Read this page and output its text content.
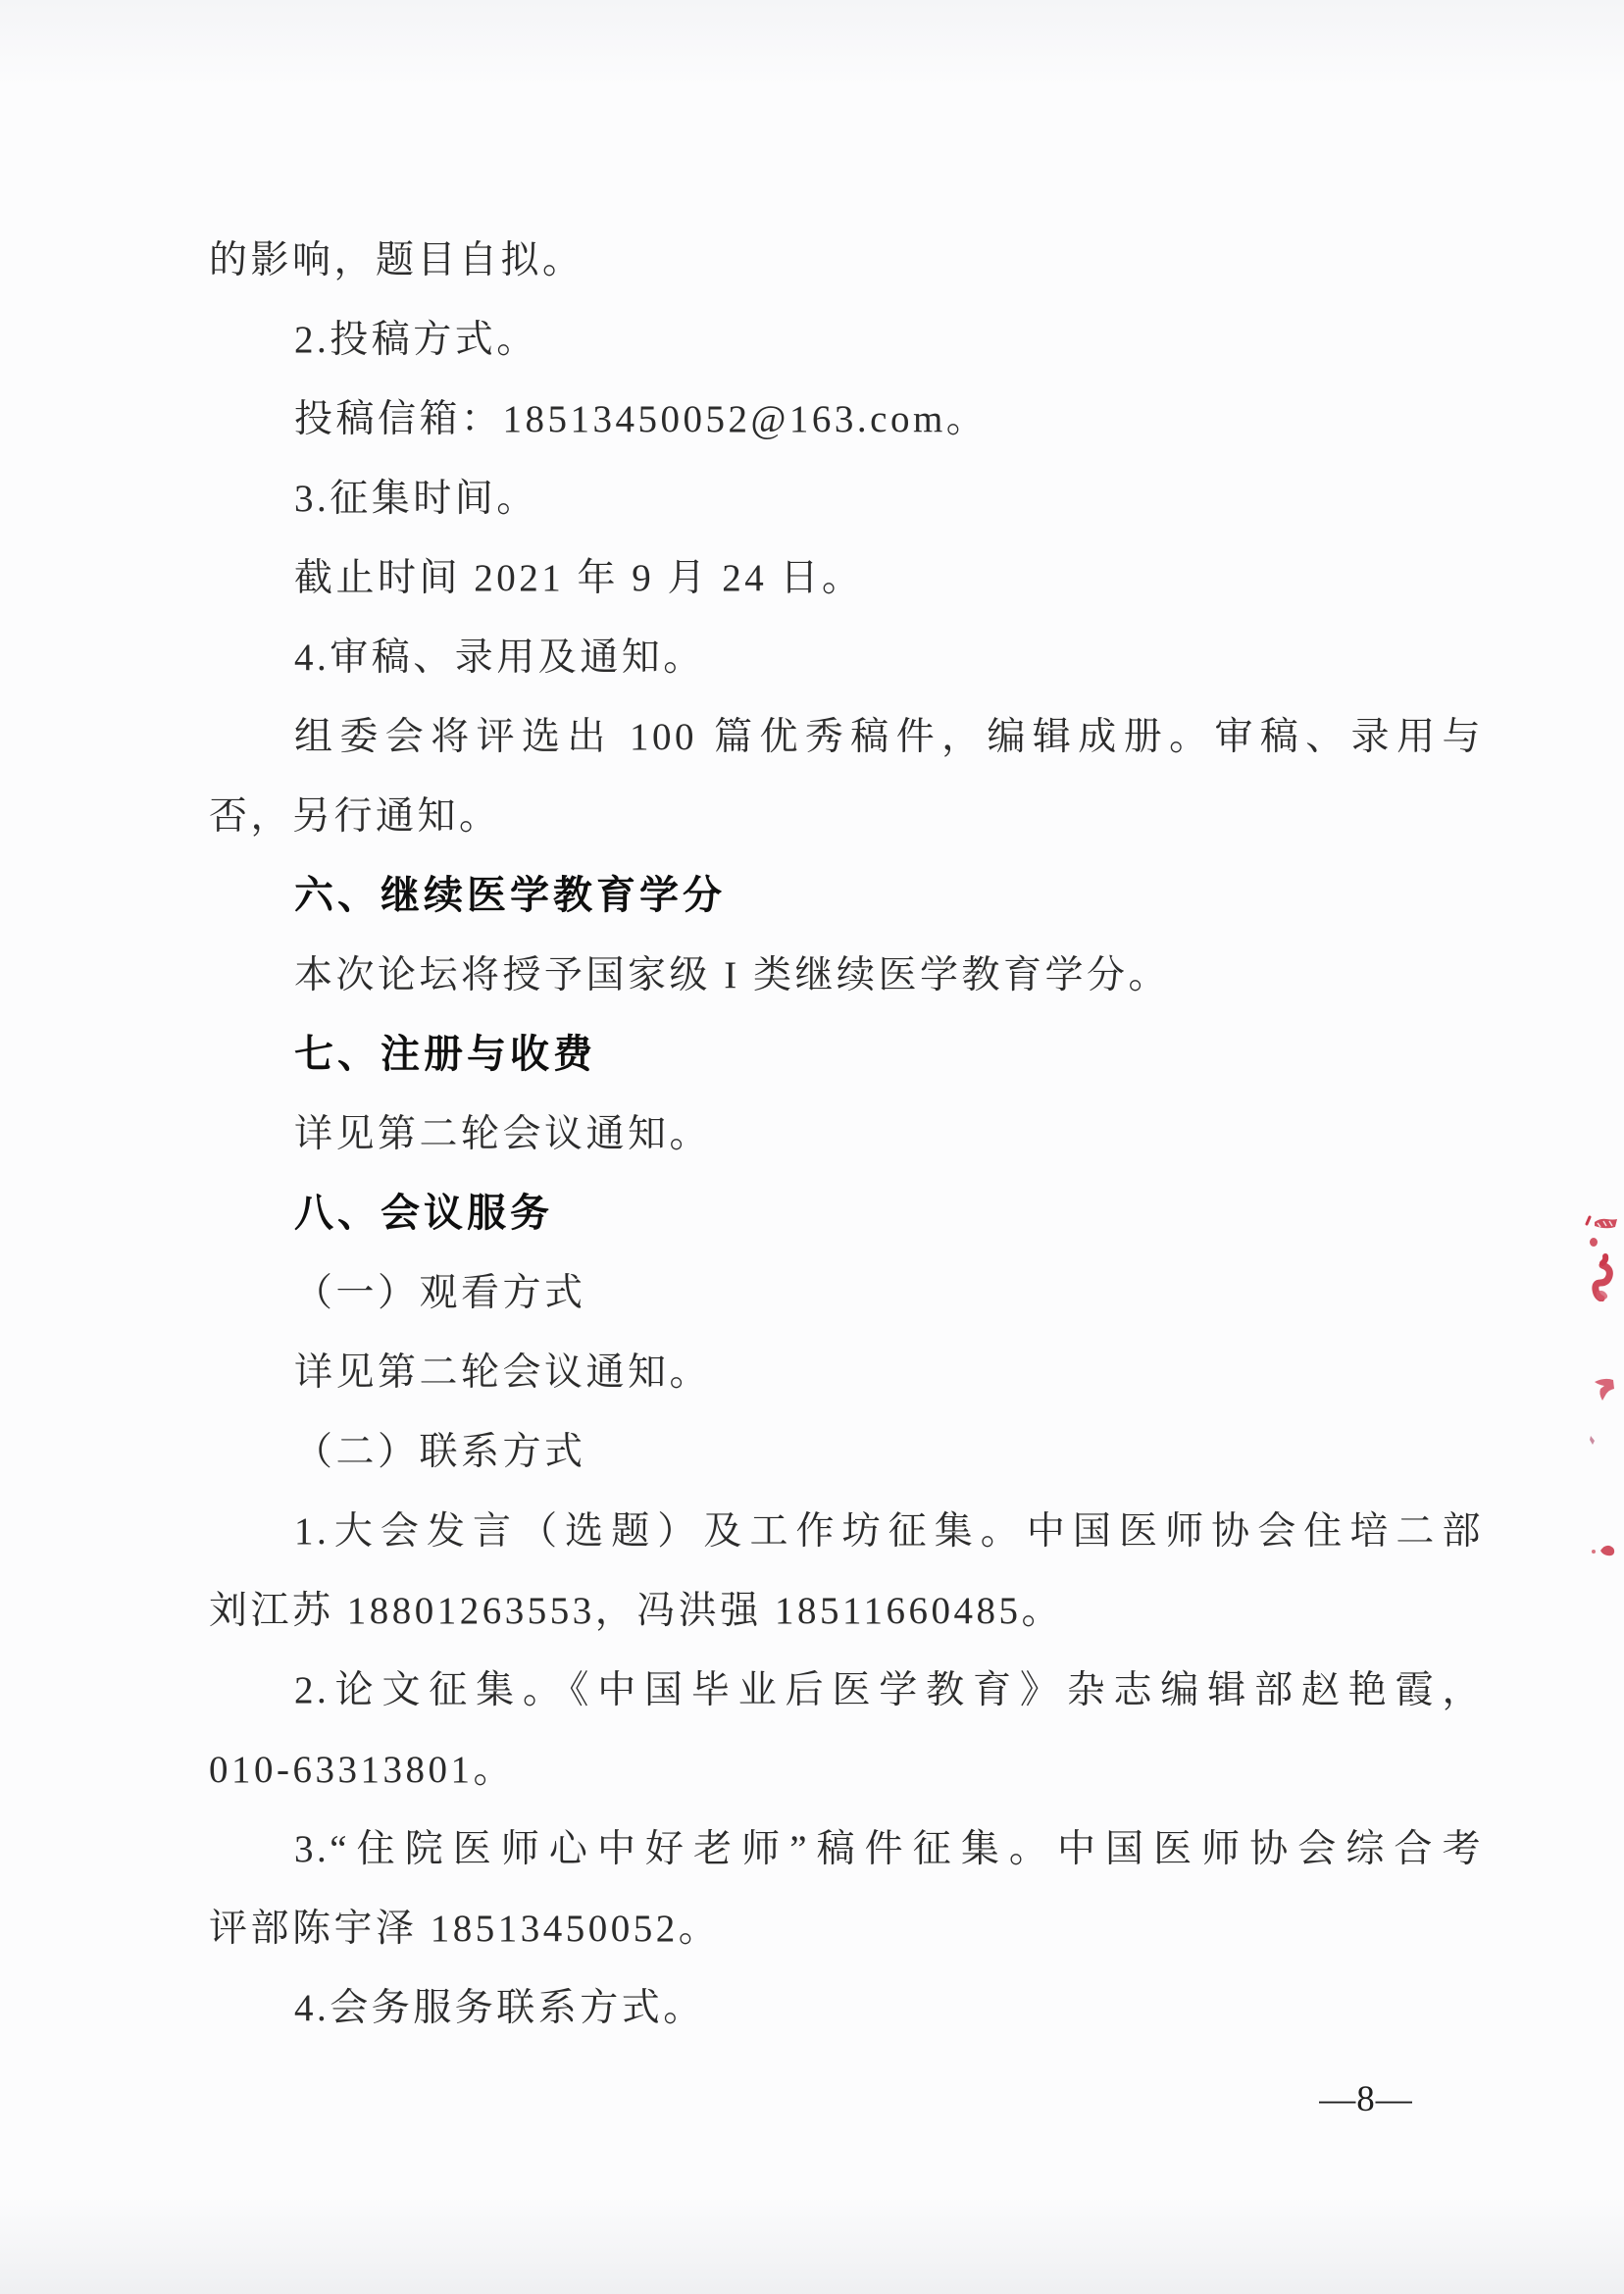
的影响，题目自拟。
2.投稿方式。
投稿信箱：18513450052@163.com。
3.征集时间。
截止时间 2021 年 9 月 24 日。
4.审稿、录用及通知。
组委会将评选出 100 篇优秀稿件，编辑成册。审稿、录用与
否，另行通知。
六、继续医学教育学分
本次论坛将授予国家级 I 类继续医学教育学分。
七、注册与收费
详见第二轮会议通知。
八、会议服务
（一）观看方式
详见第二轮会议通知。
（二）联系方式
1.大会发言（选题）及工作坊征集。中国医师协会住培二部
刘江苏 18801263553，冯洪强 18511660485。
2.论文征集。《中国毕业后医学教育》杂志编辑部赵艳霞，
010-63313801。
3.“住院医师心中好老师”稿件征集。中国医师协会综合考
评部陈宇泽 18513450052。
4.会务服务联系方式。
—8—
